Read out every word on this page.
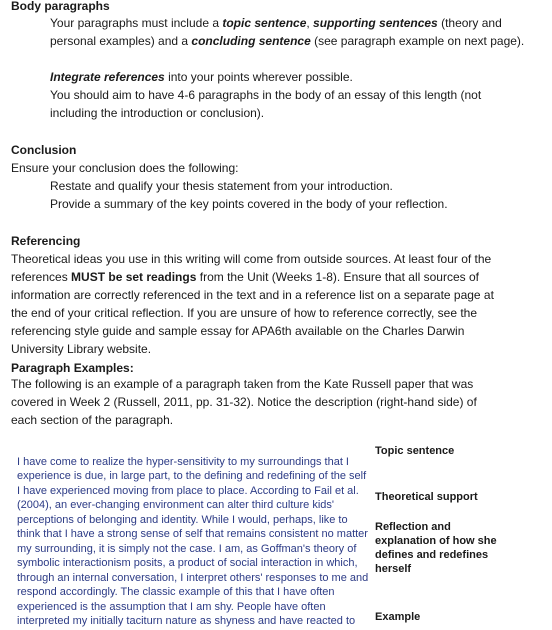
Body paragraphs
Your paragraphs must include a topic sentence, supporting sentences (theory and personal examples) and a concluding sentence (see paragraph example on next page).
Integrate references into your points wherever possible.
You should aim to have 4-6 paragraphs in the body of an essay of this length (not including the introduction or conclusion).
Conclusion
Ensure your conclusion does the following:
Restate and qualify your thesis statement from your introduction.
Provide a summary of the key points covered in the body of your reflection.
Referencing
Theoretical ideas you use in this writing will come from outside sources. At least four of the references MUST be set readings from the Unit (Weeks 1-8). Ensure that all sources of information are correctly referenced in the text and in a reference list on a separate page at the end of your critical reflection. If you are unsure of how to reference correctly, see the referencing style guide and sample essay for APA6th available on the Charles Darwin University Library website.
Paragraph Examples:
The following is an example of a paragraph taken from the Kate Russell paper that was covered in Week 2 (Russell, 2011, pp. 31-32). Notice the description (right-hand side) of each section of the paragraph.
I have come to realize the hyper-sensitivity to my surroundings that I experience is due, in large part, to the defining and redefining of the self I have experienced moving from place to place. According to Fail et al. (2004), an ever-changing environment can alter third culture kids' perceptions of belonging and identity. While I would, perhaps, like to think that I have a strong sense of self that remains consistent no matter my surrounding, it is simply not the case. I am, as Goffman's theory of symbolic interactionism posits, a product of social interaction in which, through an internal conversation, I interpret others' responses to me and respond accordingly. The classic example of this that I have often experienced is the assumption that I am shy. People have often interpreted my initially taciturn nature as shyness and have reacted to
Topic sentence
Theoretical support
Reflection and explanation of how she defines and redefines herself
Example
